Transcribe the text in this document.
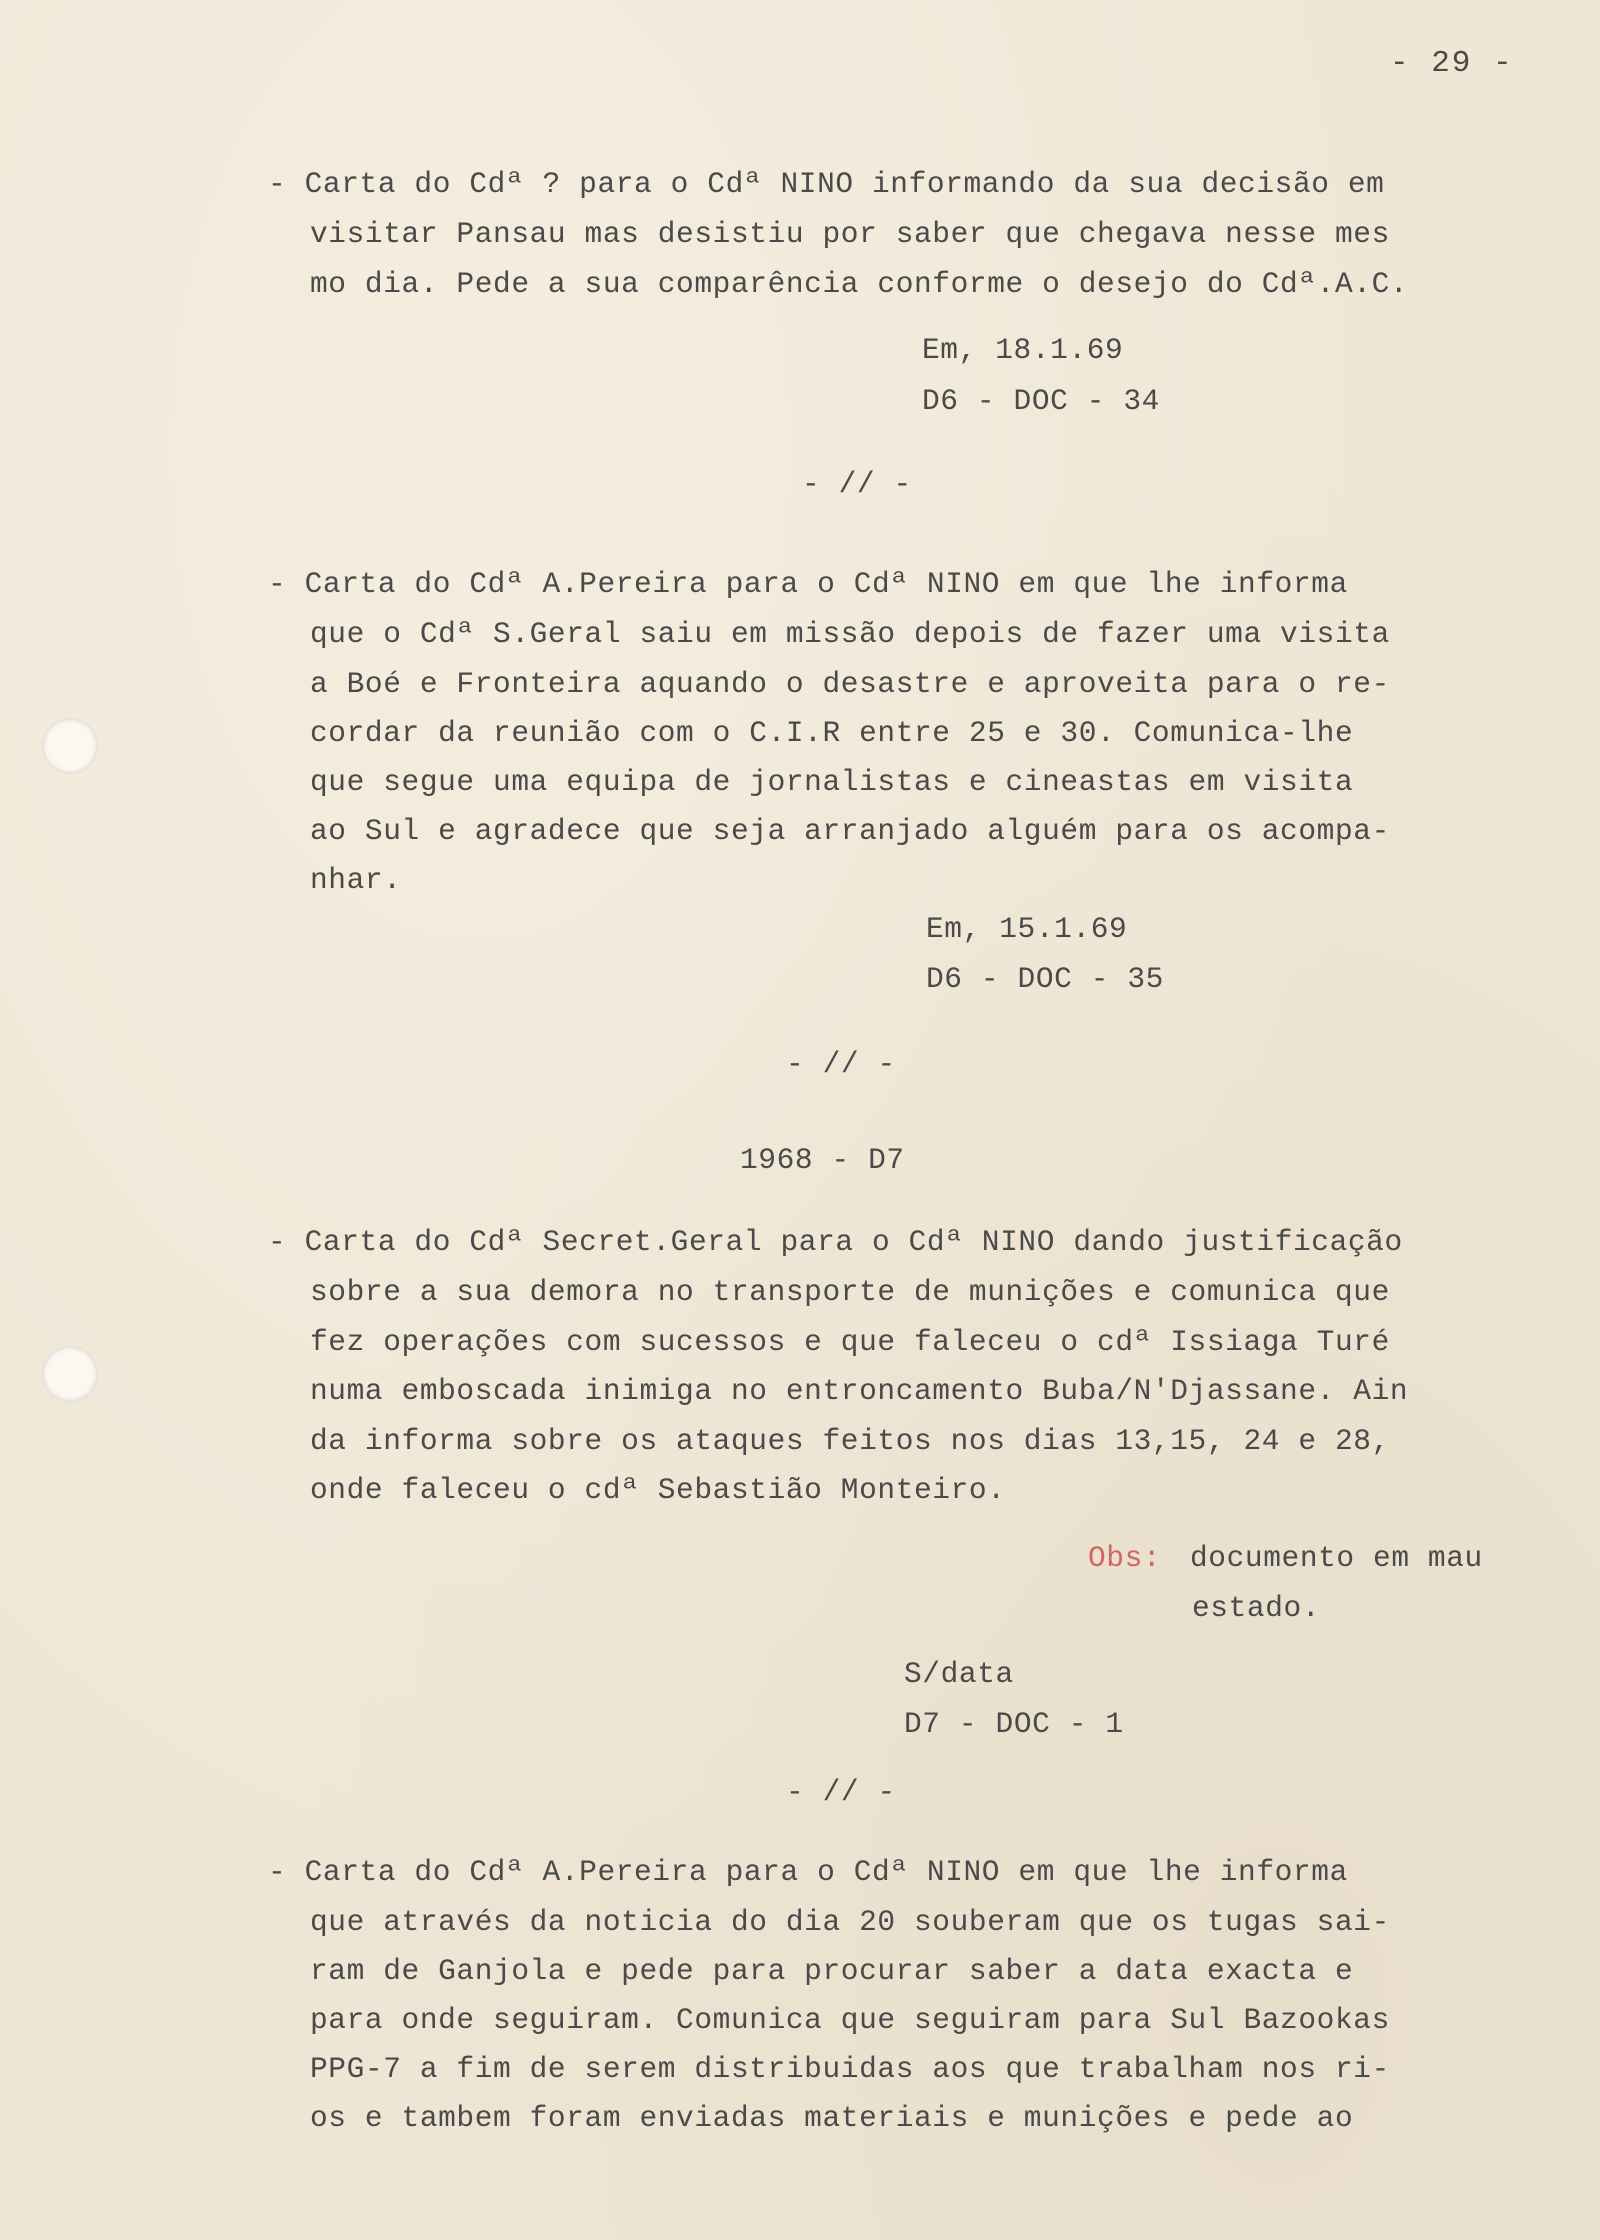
- 29 -
- Carta do Cdª ? para o Cdª NINO informando da sua decisão em
visitar Pansau mas desistiu por saber que chegava nesse mes
mo dia. Pede a sua comparência conforme o desejo do Cdª.A.C.
Em, 18.1.69
D6 - DOC - 34
- // -
- Carta do Cdª A.Pereira para o Cdª NINO em que lhe informa
que o Cdª S.Geral saiu em missão depois de fazer uma visita
a Boé e Fronteira aquando o desastre e aproveita para o re-
cordar da reunião com o C.I.R entre 25 e 30. Comunica-lhe
que segue uma equipa de jornalistas e cineastas em visita
ao Sul e agradece que seja arranjado alguém para os acompa-
nhar.
Em, 15.1.69
D6 - DOC - 35
- // -
1968 - D7
- Carta do Cdª Secret.Geral para o Cdª NINO dando justificação
sobre a sua demora no transporte de munições e comunica que
fez operações com sucessos e que faleceu o cdª Issiaga Turé
numa emboscada inimiga no entroncamento Buba/N'Djassane. Ain
da informa sobre os ataques feitos nos dias 13,15, 24 e 28,
onde faleceu o cdª Sebastião Monteiro.
Obs: documento em mau
estado.
S/data
D7 - DOC - 1
- // -
- Carta do Cdª A.Pereira para o Cdª NINO em que lhe informa
que através da noticia do dia 20 souberam que os tugas sai-
ram de Ganjola e pede para procurar saber a data exacta e
para onde seguiram. Comunica que seguiram para Sul Bazookas
PPG-7 a fim de serem distribuidas aos que trabalham nos ri-
os e tambem foram enviadas materiais e munições e pede ao
